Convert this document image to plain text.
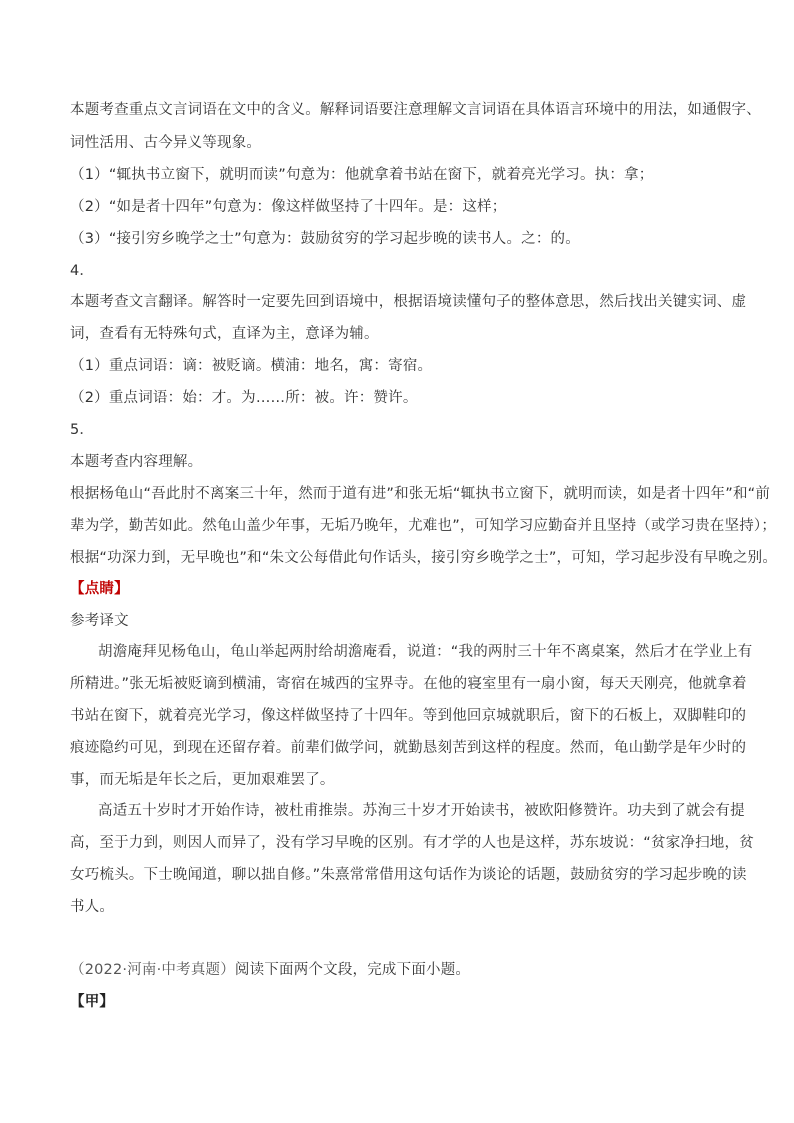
本题考查重点文言词语在文中的含义。解释词语要注意理解文言词语在具体语言环境中的用法，如通假字、
词性活用、古今异义等现象。
（1）“辄执书立窗下，就明而读”句意为：他就拿着书站在窗下，就着亮光学习。执：拿；
（2）“如是者十四年”句意为：像这样做坚持了十四年。是：这样；
（3）“接引穷乡晚学之士”句意为：鼓励贫穷的学习起步晚的读书人。之：的。
4．
本题考查文言翻译。解答时一定要先回到语境中，根据语境读懂句子的整体意思，然后找出关键实词、虚
词，查看有无特殊句式，直译为主，意译为辅。
（1）重点词语：谪：被贬谪。横浦：地名，寓：寄宿。
（2）重点词语：始：才。为……所：被。许：赞许。
5．
本题考查内容理解。
根据杨龟山“吾此肘不离案三十年，然而于道有进”和张无垢“辄执书立窗下，就明而读，如是者十四年”和“前
辈为学，勤苦如此。然龟山盖少年事，无垢乃晚年，尤难也”，可知学习应勤奋并且坚持（或学习贵在坚持）；
根据“功深力到，无早晚也”和“朱文公每借此句作话头，接引穷乡晚学之士”，可知，学习起步没有早晚之别。
【点睛】
参考译文
胡澹庵拜见杨龟山，龟山举起两肘给胡澹庵看，说道：“我的两肘三十年不离桌案，然后才在学业上有
所精进。”张无垢被贬谪到横浦，寄宿在城西的宝界寺。在他的寝室里有一扇小窗，每天天刚亮，他就拿着
书站在窗下，就着亮光学习，像这样做坚持了十四年。等到他回京城就职后，窗下的石板上，双脚鞋印的
痕迹隐约可见，到现在还留存着。前辈们做学问，就勤恳刻苦到这样的程度。然而，龟山勤学是年少时的
事，而无垢是年长之后，更加艰难罢了。
高适五十岁时才开始作诗，被杜甫推崇。苏洵三十岁才开始读书，被欧阳修赞许。功夫到了就会有提
高，至于力到，则因人而异了，没有学习早晚的区别。有才学的人也是这样，苏东坡说：“贫家净扫地，贫
女巧梳头。下士晚闻道，聊以拙自修。”朱熹常常借用这句话作为谈论的话题，鼓励贫穷的学习起步晚的读
书人。
（2022·河南·中考真题）阅读下面两个文段，完成下面小题。
【甲】
